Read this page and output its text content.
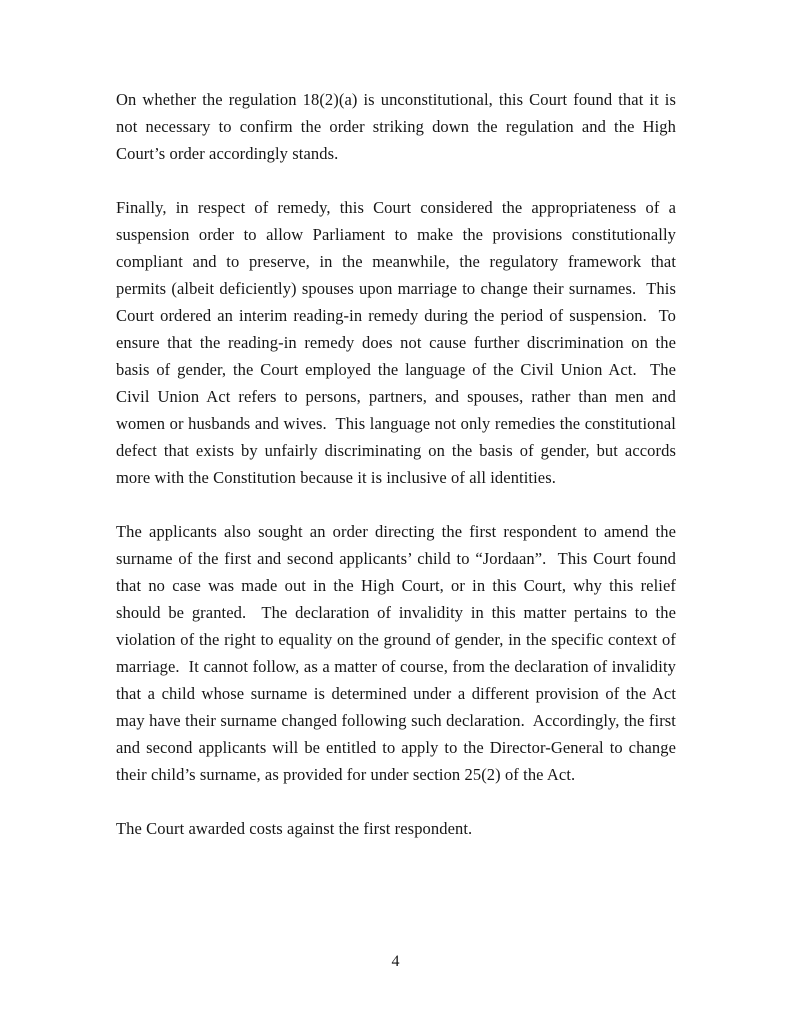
On whether the regulation 18(2)(a) is unconstitutional, this Court found that it is not necessary to confirm the order striking down the regulation and the High Court’s order accordingly stands.

Finally, in respect of remedy, this Court considered the appropriateness of a suspension order to allow Parliament to make the provisions constitutionally compliant and to preserve, in the meanwhile, the regulatory framework that permits (albeit deficiently) spouses upon marriage to change their surnames.  This Court ordered an interim reading-in remedy during the period of suspension.  To ensure that the reading-in remedy does not cause further discrimination on the basis of gender, the Court employed the language of the Civil Union Act.  The Civil Union Act refers to persons, partners, and spouses, rather than men and women or husbands and wives.  This language not only remedies the constitutional defect that exists by unfairly discriminating on the basis of gender, but accords more with the Constitution because it is inclusive of all identities.

The applicants also sought an order directing the first respondent to amend the surname of the first and second applicants’ child to “Jordaan”.  This Court found that no case was made out in the High Court, or in this Court, why this relief should be granted.  The declaration of invalidity in this matter pertains to the violation of the right to equality on the ground of gender, in the specific context of marriage.  It cannot follow, as a matter of course, from the declaration of invalidity that a child whose surname is determined under a different provision of the Act may have their surname changed following such declaration.  Accordingly, the first and second applicants will be entitled to apply to the Director-General to change their child’s surname, as provided for under section 25(2) of the Act.

The Court awarded costs against the first respondent.

4
